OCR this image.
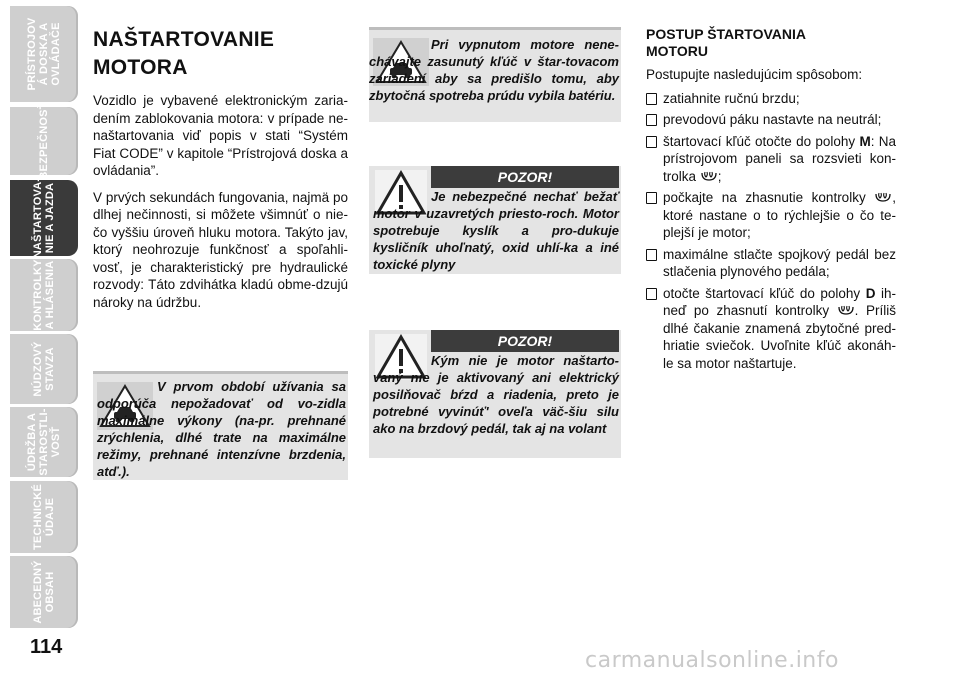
PRÍSTROJOV
Á DOSKA A
OVLÁDAČE
BEZPEČNOSŤ
NAŠTARTOVA-
NIE A JAZDA
KONTROLKY
A HLÁSENIA
NÚDZOVÝ
STAVZA
ÚDRŽBA A
STAROSTLI-
VOSŤ
TECHNICKÉ
ÚDAJE
ABECEDNÝ
OBSAH
114
NAŠTARTOVANIE
MOTORA

Vozidlo je vybavené elektronickým zaria-dením zablokovania motora: v prípade ne-naštartovania viď popis v stati “Systém Fiat CODE” v kapitole “Prístrojová doska a ovládania”.

V prvých sekundách fungovania, najmä po dlhej nečinnosti, si môžete všimnúť o nie-čo vyššiu úroveň hluku motora. Takýto jav, ktorý neohrozuje funkčnosť a spoľahli-vosť, je charakteristický pre hydraulické rozvody: Táto zdvihátka kladú obme-dzujú nároky na údržbu.

V prvom období užívania sa odporúča nepožadovať od vo-zidla maximálne výkony (na-pr. prehnané zrýchlenia, dlhé trate na maximálne režimy, prehnané intenzívne brzdenia, atď.).
Pri vypnutom motore nene-chávajte zasunutý kľúč v štar-tovacom zariadení aby sa predišlo tomu, aby zbytočná spotreba prúdu vybila batériu.
POZOR!
Je nebezpečné nechať bežať motor v uzavretých priesto-roch. Motor spotrebuje kyslík a pro-dukuje kysličník uhoľnatý, oxid uhlí-ka a iné toxické plyny
POZOR!
Kým nie je motor naštarto-vaný nie je aktivovaný ani elektrický posilňovač bŕzd a riadenia, preto je potrebné vyvinúť' oveľa väč-šiu silu ako na brzdový pedál, tak aj na volant
POSTUP ŠTARTOVANIA
MOTORU

Postupujte nasledujúcim spôsobom:

zatiahnite ručnú brzdu;
prevodovú páku nastavte na neutrál;
štartovací kľúč otočte do polohy M: Na prístrojovom paneli sa rozsvieti kon-trolka ;
počkajte na zhasnutie kontrolky , ktoré nastane o to rýchlejšie o čo te-plejší je motor;
maximálne stlačte spojkový pedál bez stlačenia plynového pedála;
otočte štartovací kľúč do polohy D ih-neď po zhasnutí kontrolky . Príliš dlhé čakanie znamená zbytočné pred-hriatie sviečok. Uvoľnite kľúč akonáh-le sa motor naštartuje.
carmanualsonline.info
